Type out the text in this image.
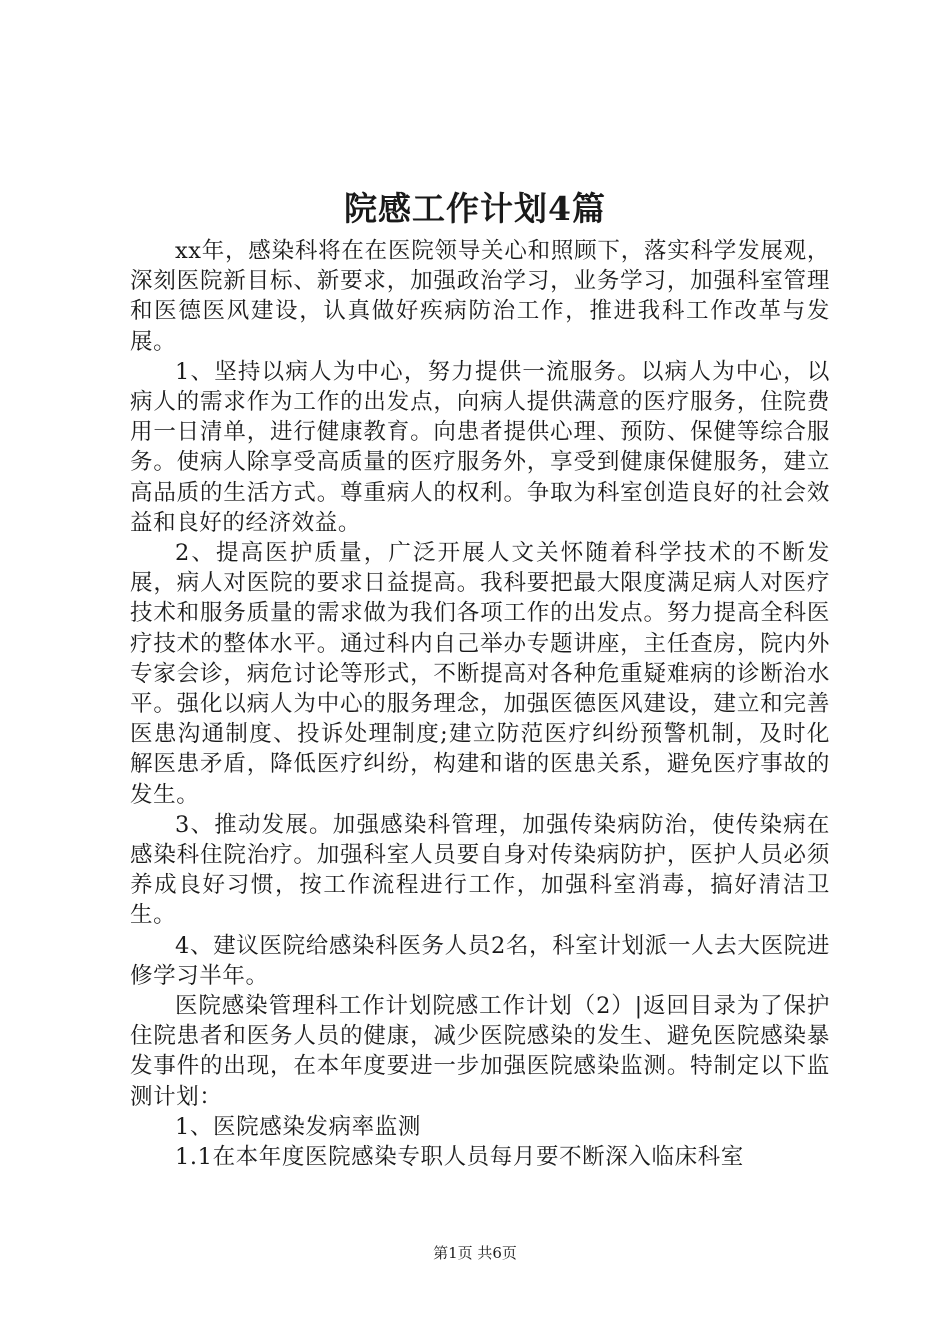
院感工作计划4篇

xx年，感染科将在在医院领导关心和照顾下，落实科学发展观，深刻医院新目标、新要求，加强政治学习，业务学习，加强科室管理和医德医风建设，认真做好疾病防治工作，推进我科工作改革与发展。

1、坚持以病人为中心，努力提供一流服务。以病人为中心，以病人的需求作为工作的出发点，向病人提供满意的医疗服务，住院费用一日清单，进行健康教育。向患者提供心理、预防、保健等综合服务。使病人除享受高质量的医疗服务外，享受到健康保健服务，建立高品质的生活方式。尊重病人的权利。争取为科室创造良好的社会效益和良好的经济效益。

2、提高医护质量，广泛开展人文关怀随着科学技术的不断发展，病人对医院的要求日益提高。我科要把最大限度满足病人对医疗技术和服务质量的需求做为我们各项工作的出发点。努力提高全科医疗技术的整体水平。通过科内自己举办专题讲座，主任查房，院内外专家会诊，病危讨论等形式，不断提高对各种危重疑难病的诊断治水平。强化以病人为中心的服务理念，加强医德医风建设，建立和完善医患沟通制度、投诉处理制度;建立防范医疗纠纷预警机制，及时化解医患矛盾，降低医疗纠纷，构建和谐的医患关系，避免医疗事故的发生。

3、推动发展。加强感染科管理，加强传染病防治，使传染病在感染科住院治疗。加强科室人员要自身对传染病防护，医护人员必须养成良好习惯，按工作流程进行工作，加强科室消毒，搞好清洁卫生。

4、建议医院给感染科医务人员2名，科室计划派一人去大医院进修学习半年。

医院感染管理科工作计划院感工作计划（2）|返回目录为了保护住院患者和医务人员的健康，减少医院感染的发生、避免医院感染暴发事件的出现，在本年度要进一步加强医院感染监测。特制定以下监测计划：

1、医院感染发病率监测

1.1在本年度医院感染专职人员每月要不断深入临床科室

第1页 共6页
